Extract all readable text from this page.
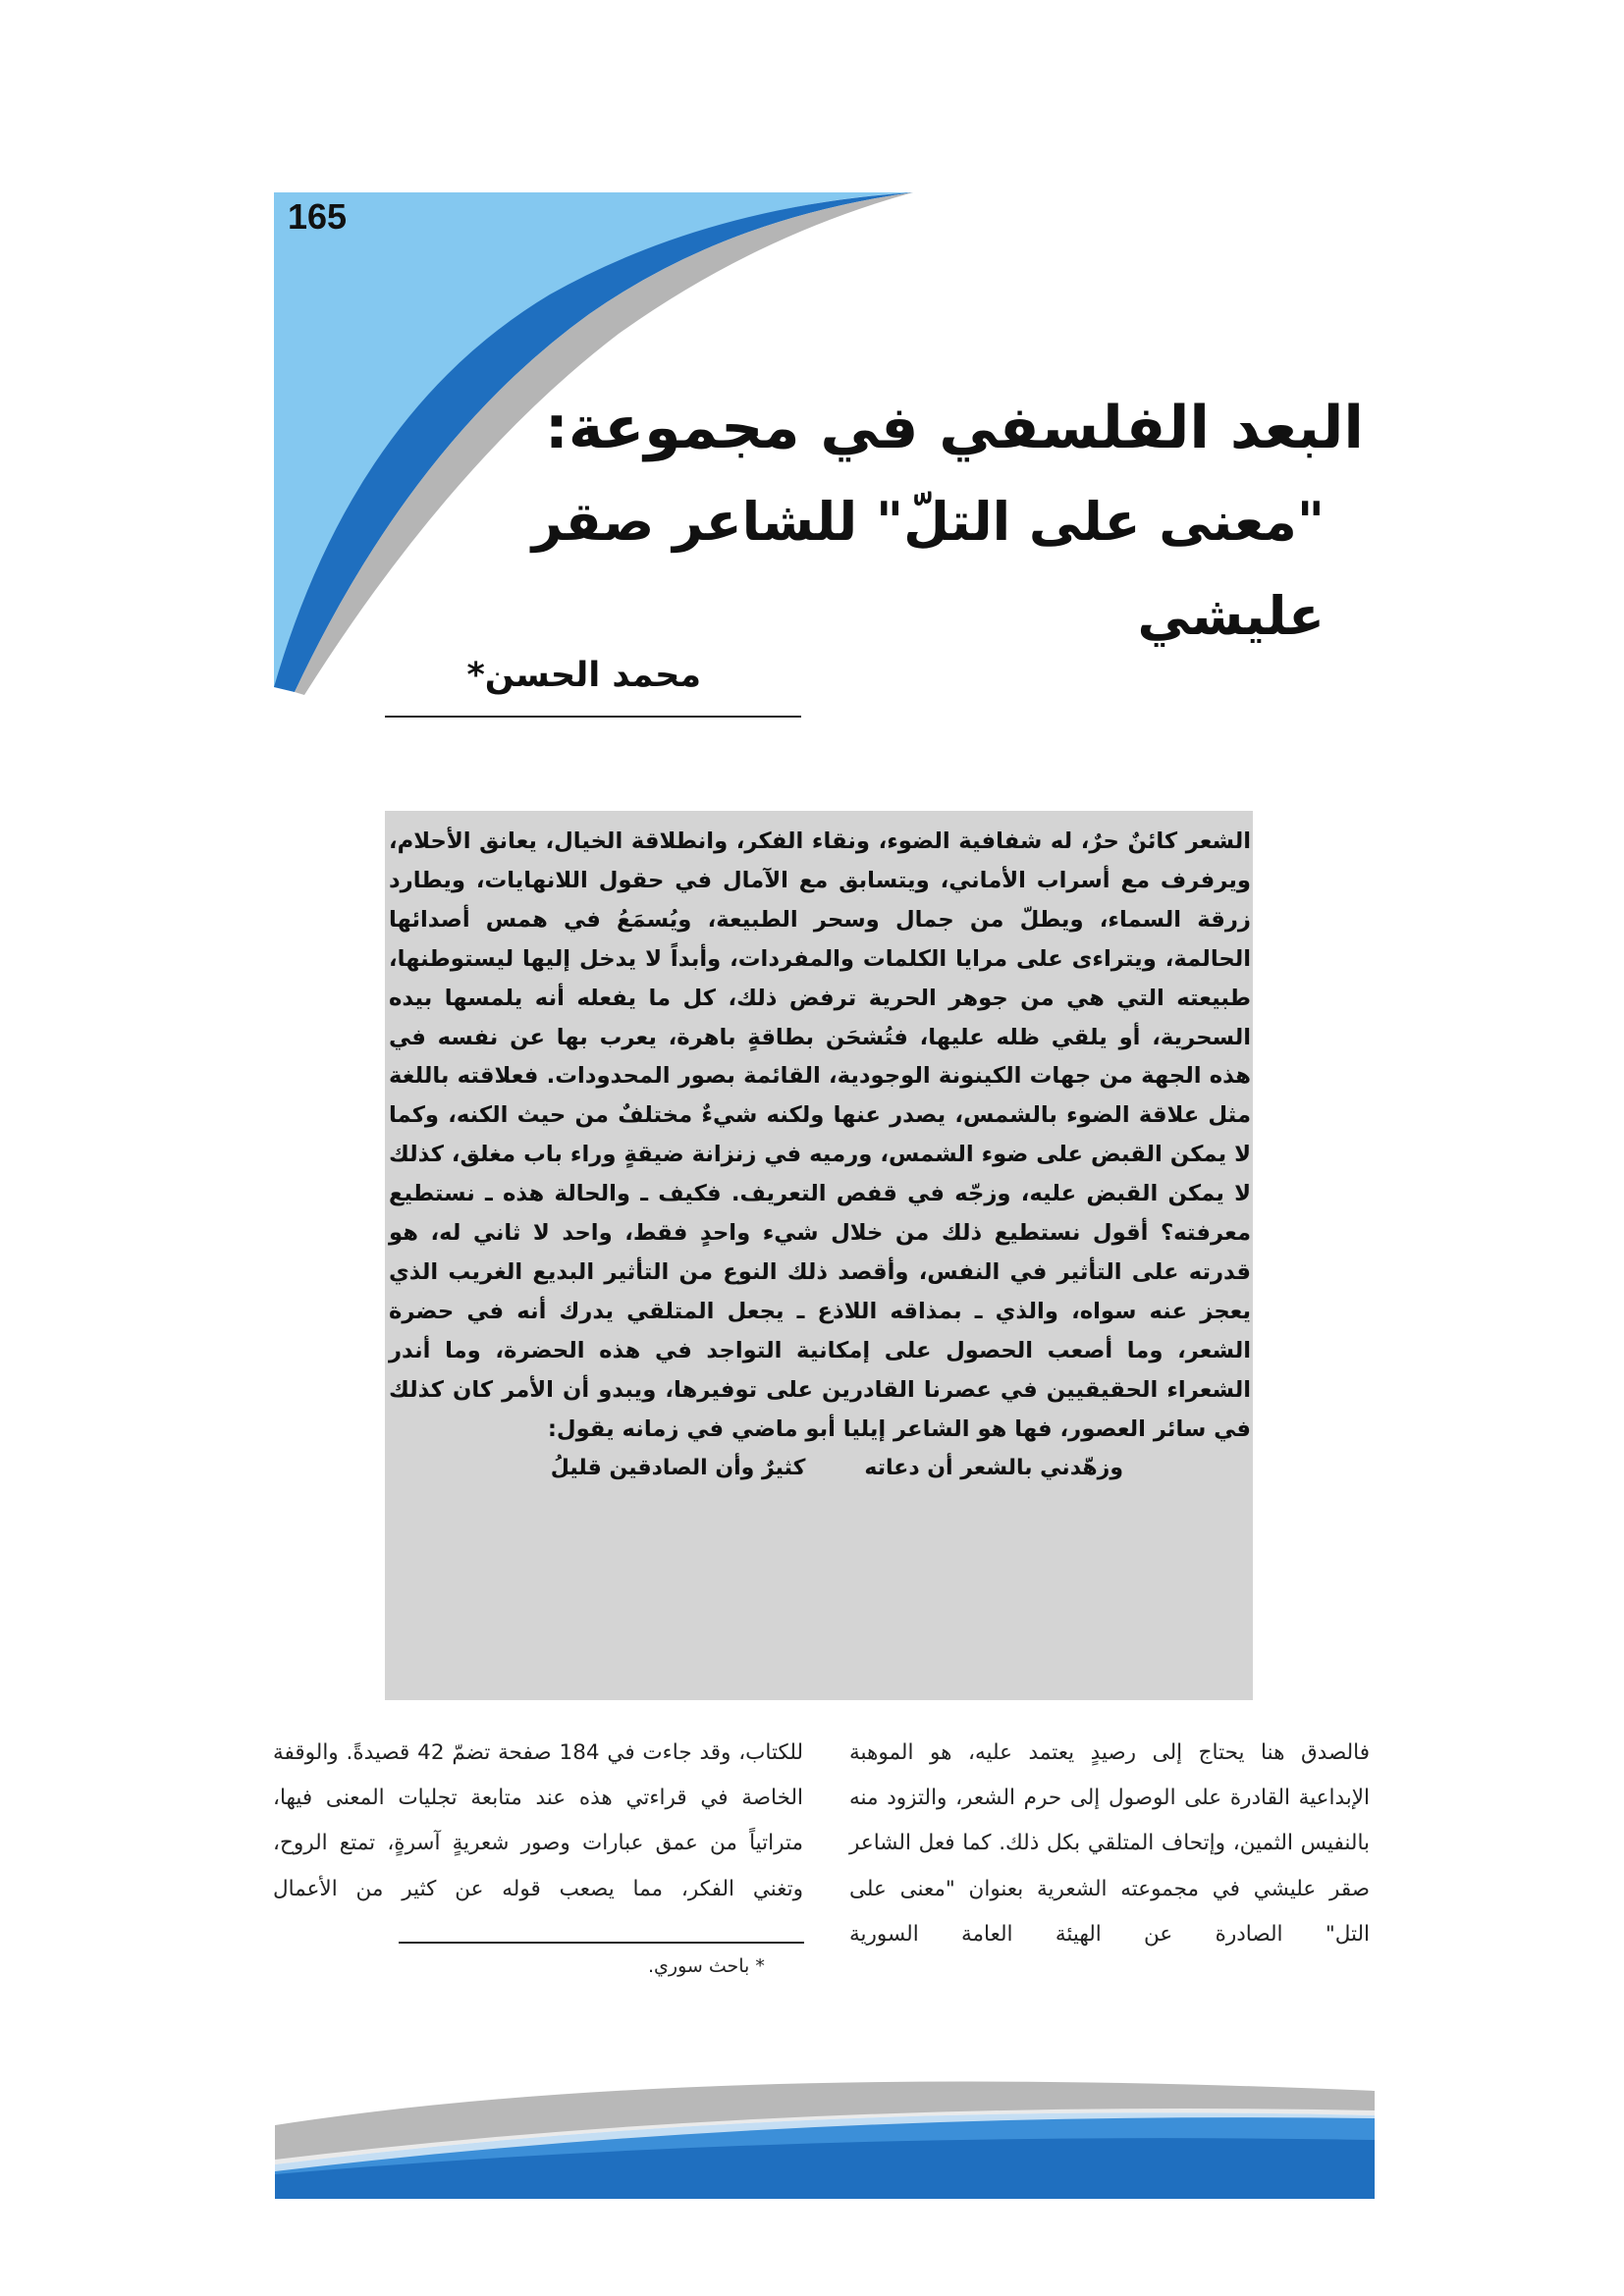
165

البعد الفلسفي في مجموعة:

"معنى على التلّ" للشاعر صقر عليشي

محمد الحسن*

الشعر كائنٌ حرٌ، له شفافية الضوء، ونقاء الفكر، وانطلاقة الخيال، يعانق الأحلام، ويرفرف مع أسراب الأماني، ويتسابق مع الآمال في حقول اللانهايات، ويطارد زرقة السماء، ويطلّ من جمال وسحر الطبيعة، ويُسمَعُ في همس أصدائها الحالمة، ويتراءى على مرايا الكلمات والمفردات، وأبداً لا يدخل إليها ليستوطنها، طبيعته التي هي من جوهر الحرية ترفض ذلك، كل ما يفعله أنه يلمسها بيده السحرية، أو يلقي ظله عليها، فتُشحَن بطاقةٍ باهرة، يعرب بها عن نفسه في هذه الجهة من جهات الكينونة الوجودية، القائمة بصور المحدودات. فعلاقته باللغة مثل علاقة الضوء بالشمس، يصدر عنها ولكنه شيءٌ مختلفٌ من حيث الكنه، وكما لا يمكن القبض على ضوء الشمس، ورميه في زنزانة ضيقةٍ وراء باب مغلق، كذلك لا يمكن القبض عليه، وزجّه في قفص التعريف. فكيف ـ والحالة هذه ـ نستطيع معرفته؟ أقول نستطيع ذلك من خلال شيء واحدٍ فقط، واحد لا ثاني له، هو قدرته على التأثير في النفس، وأقصد ذلك النوع من التأثير البديع الغريب الذي يعجز عنه سواه، والذي ـ بمذاقه اللاذع ـ يجعل المتلقي يدرك أنه في حضرة الشعر، وما أصعب الحصول على إمكانية التواجد في هذه الحضرة، وما أندر الشعراء الحقيقيين في عصرنا القادرين على توفيرها، ويبدو أن الأمر كان كذلك في سائر العصور، فها هو الشاعر إيليا أبو ماضي في زمانه يقول:

وزهّدني بالشعر أن دعاته
كثيرٌ وأن الصادقين قليلُ

فالصدق هنا يحتاج إلى رصيدٍ يعتمد عليه، هو الموهبة الإبداعية القادرة على الوصول إلى حرم الشعر، والتزود منه بالنفيس الثمين، وإتحاف المتلقي بكل ذلك. كما فعل الشاعر صقر عليشي في مجموعته الشعرية بعنوان "معنى على التل" الصادرة عن الهيئة العامة السورية

للكتاب، وقد جاءت في 184 صفحة تضمّ 42 قصيدةً. والوقفة الخاصة في قراءتي هذه عند متابعة تجليات المعنى فيها، متراتياً من عمق عبارات وصور شعريةٍ آسرةٍ، تمتع الروح، وتغني الفكر، مما يصعب قوله عن كثير من الأعمال

* باحث سوري.
